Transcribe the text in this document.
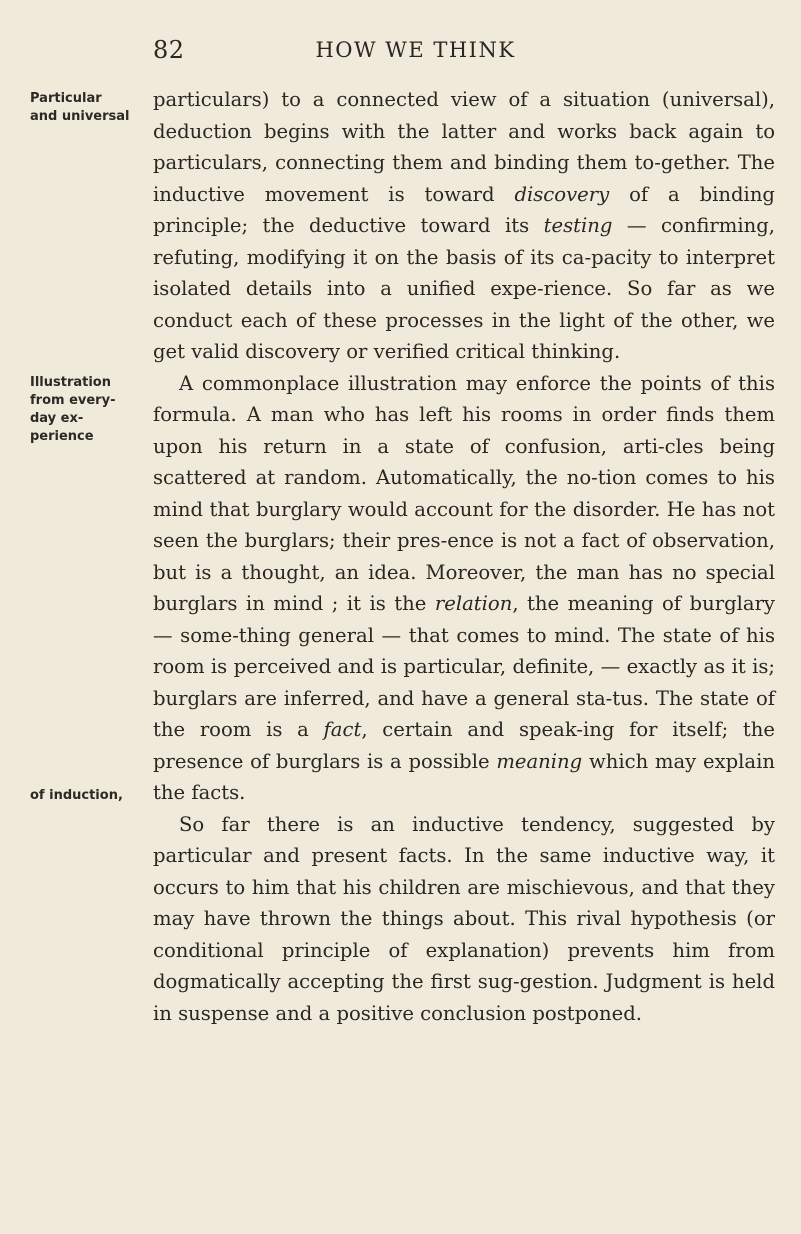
82	HOW WE THINK
Particular and universal
Illustration from every-day ex-perience
of induction,

particulars) to a connected view of a situation (universal), deduction begins with the latter and works back again to particulars, connecting them and binding them to-gether. The inductive movement is toward discovery of a binding principle; the deductive toward its testing — confirming, refuting, modifying it on the basis of its ca-pacity to interpret isolated details into a unified expe-rience. So far as we conduct each of these processes in the light of the other, we get valid discovery or verified critical thinking.

A commonplace illustration may enforce the points of this formula. A man who has left his rooms in order finds them upon his return in a state of confusion, arti-cles being scattered at random. Automatically, the no-tion comes to his mind that burglary would account for the disorder. He has not seen the burglars; their pres-ence is not a fact of observation, but is a thought, an idea. Moreover, the man has no special burglars in mind ; it is the relation, the meaning of burglary — some-thing general — that comes to mind. The state of his room is perceived and is particular, definite, — exactly as it is; burglars are inferred, and have a general sta-tus. The state of the room is a fact, certain and speak-ing for itself; the presence of burglars is a possible meaning which may explain the facts.

So far there is an inductive tendency, suggested by particular and present facts. In the same inductive way, it occurs to him that his children are mischievous, and that they may have thrown the things about. This rival hypothesis (or conditional principle of explanation) prevents him from dogmatically accepting the first sug-gestion. Judgment is held in suspense and a positive conclusion postponed.
